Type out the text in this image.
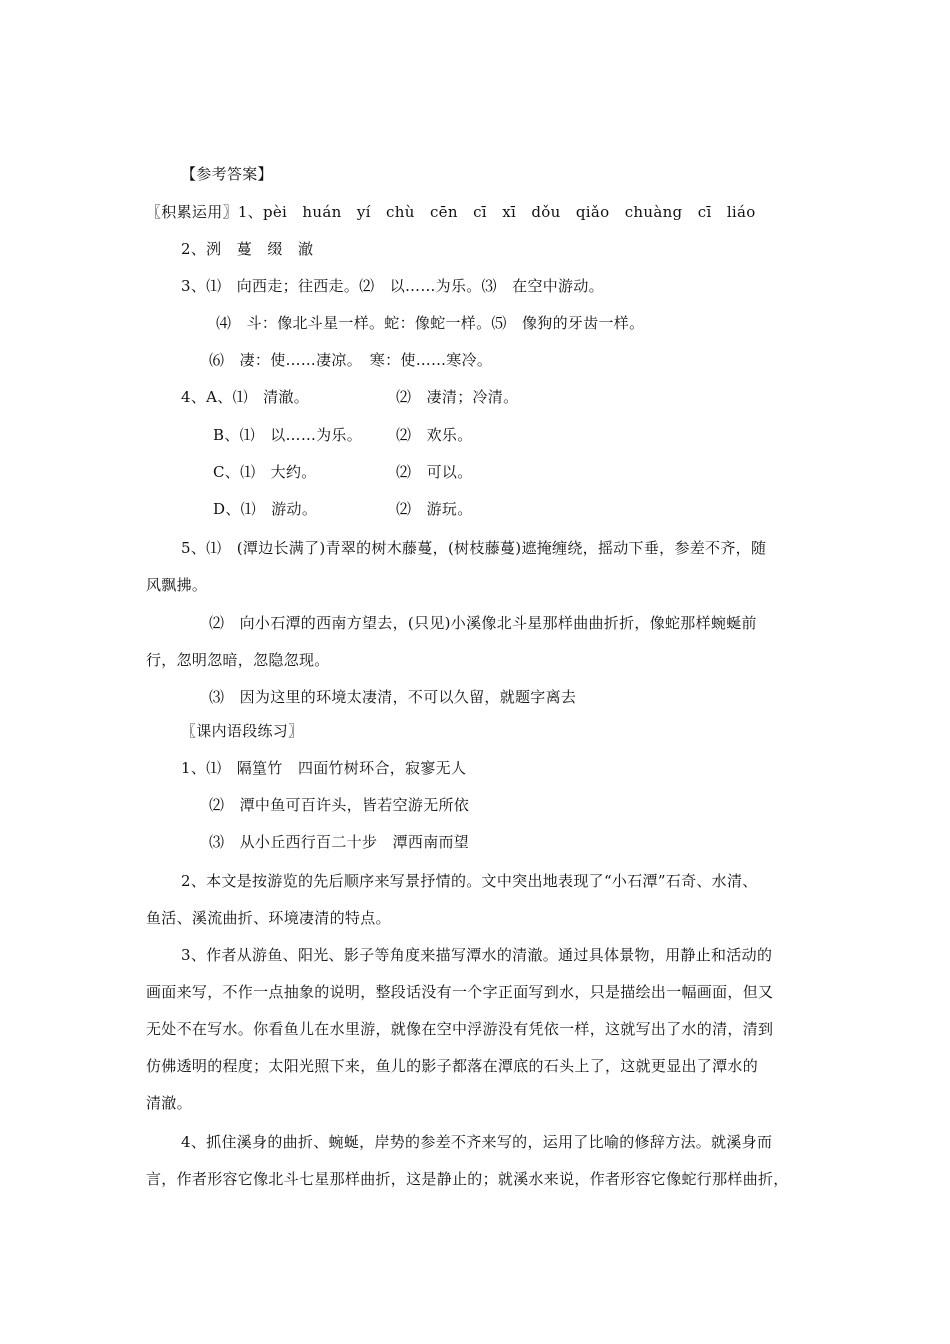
【参考答案】
〖积累运用〗1、pèi　huán　yí　chù　cēn　cī　xī　dǒu　qiǎo　chuàng　cī　liáo
2、洌　蔓　缀　澈
3、⑴　向西走；往西走。⑵　以……为乐。⑶　在空中游动。
⑷　斗：像北斗星一样。蛇：像蛇一样。⑸　像狗的牙齿一样。
⑹　凄：使……凄凉。　寒：使……寒冷。
4、A、⑴　清澈。	⑵　凄清；冷清。
B、⑴　以……为乐。 ⑵　欢乐。
C、⑴　大约。	⑵　可以。
D、⑴　游动。	⑵　游玩。
5、⑴　(潭边长满了)青翠的树木藤蔓，(树枝藤蔓)遮掩缠绕，摇动下垂，参差不齐，随
风飘拂。
⑵　向小石潭的西南方望去，(只见)小溪像北斗星那样曲曲折折，像蛇那样蜿蜒前
行，忽明忽暗，忽隐忽现。
⑶　因为这里的环境太凄清，不可以久留，就题字离去
〖课内语段练习〗
1、⑴　隔篁竹　四面竹树环合，寂寥无人
⑵　潭中鱼可百许头，皆若空游无所依
⑶　从小丘西行百二十步　潭西南而望
2、本文是按游览的先后顺序来写景抒情的。文中突出地表现了“小石潭”石奇、水清、
鱼活、溪流曲折、环境凄清的特点。
3、作者从游鱼、阳光、影子等角度来描写潭水的清澈。通过具体景物，用静止和活动的
画面来写，不作一点抽象的说明，整段话没有一个字正面写到水，只是描绘出一幅画面，但又
无处不在写水。你看鱼儿在水里游，就像在空中浮游没有凭依一样，这就写出了水的清，清到
仿佛透明的程度；太阳光照下来，鱼儿的影子都落在潭底的石头上了，这就更显出了潭水的
清澈。
4、抓住溪身的曲折、蜿蜒，岸势的参差不齐来写的，运用了比喻的修辞方法。就溪身而
言，作者形容它像北斗七星那样曲折，这是静止的；就溪水来说，作者形容它像蛇行那样曲折，
